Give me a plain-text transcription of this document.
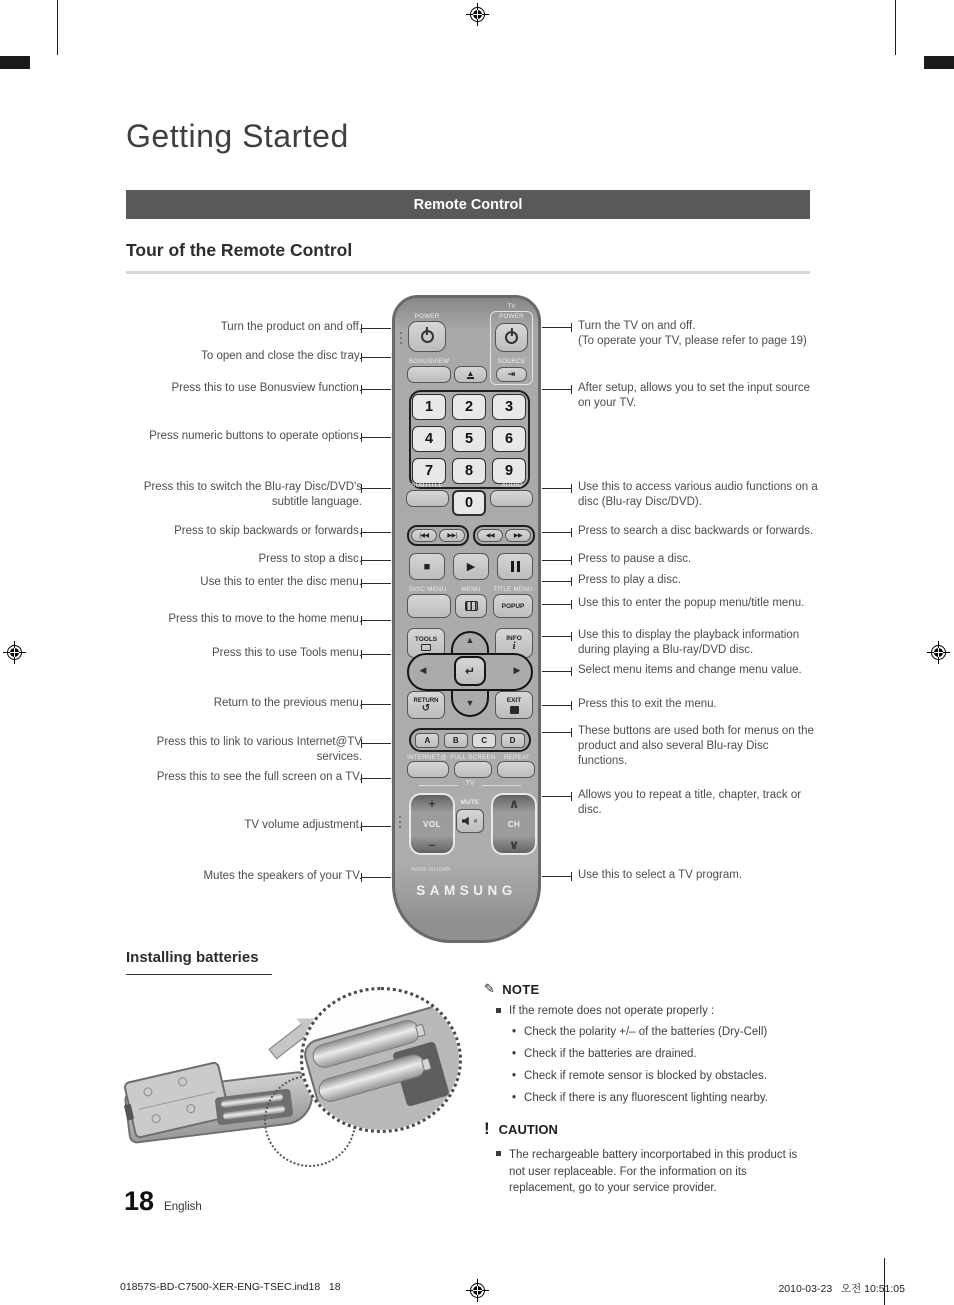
Getting Started
Remote Control
Tour of the Remote Control
Turn the product on and off.
To open and close the disc tray.
Press this to use Bonusview function.
Press numeric buttons to operate options.
Press this to switch the Blu-ray Disc/DVD's subtitle language.
Press to skip backwards or forwards.
Press to stop a disc.
Use this to enter the disc menu.
Press this to move to the home menu.
Press this to use Tools menu.
Return to the previous menu.
Press this to link to various Internet@TV services.
Press this to see the full screen on a TV.
TV volume adjustment.
Mutes the speakers of your TV.
Turn the TV on and off.
(To operate your TV, please refer to page 19)
After setup, allows you to set the input source on your TV.
Use this to access various audio functions on a disc (Blu-ray Disc/DVD).
Press to search a disc backwards or forwards.
Press to pause a disc.
Press to play a disc.
Use this to enter the popup menu/title menu.
Use this to display the playback information during playing a Blu-ray/DVD disc.
Select menu items and change menu value.
Press this to exit the menu.
These buttons are used both for menus on the product and also several Blu-ray Disc functions.
Allows you to repeat a title, chapter, track or disc.
Use this to select a TV program.
POWER
TV
POWER
SOURCE
⇥
BONUSVIEW
▲
1	2	3
4	5	6
7	8	9
0
SUBTITLE	AUDIO
|◀◀	▶▶|	◀◀	▶▶
■	▶
DISC MENU	MENU	TITLE MENU
POPUP
TOOLS	INFO
i
▲
▼
◀	▶
↵
RETURN
↺
EXIT
A	B	C	D
INTERNET@ FULL SCREEN	REPEAT
TV
+
VOL
–
MUTE
✕
∧
CH
∨
AK59-00104R
SAMSUNG
Installing batteries
✎ NOTE
If the remote does not operate properly :
• Check the polarity +/– of the batteries (Dry-Cell)
• Check if the batteries are drained.
• Check if remote sensor is blocked by obstacles.
• Check if there is any fluorescent lighting nearby.
! CAUTION
The rechargeable battery incorportabed in this product is not user replaceable. For the information on its replacement, go to your service provider.
18 English
01857S-BD-C7500-XER-ENG-TSEC.ind18   18	2010-03-23   오전 10:51:05
